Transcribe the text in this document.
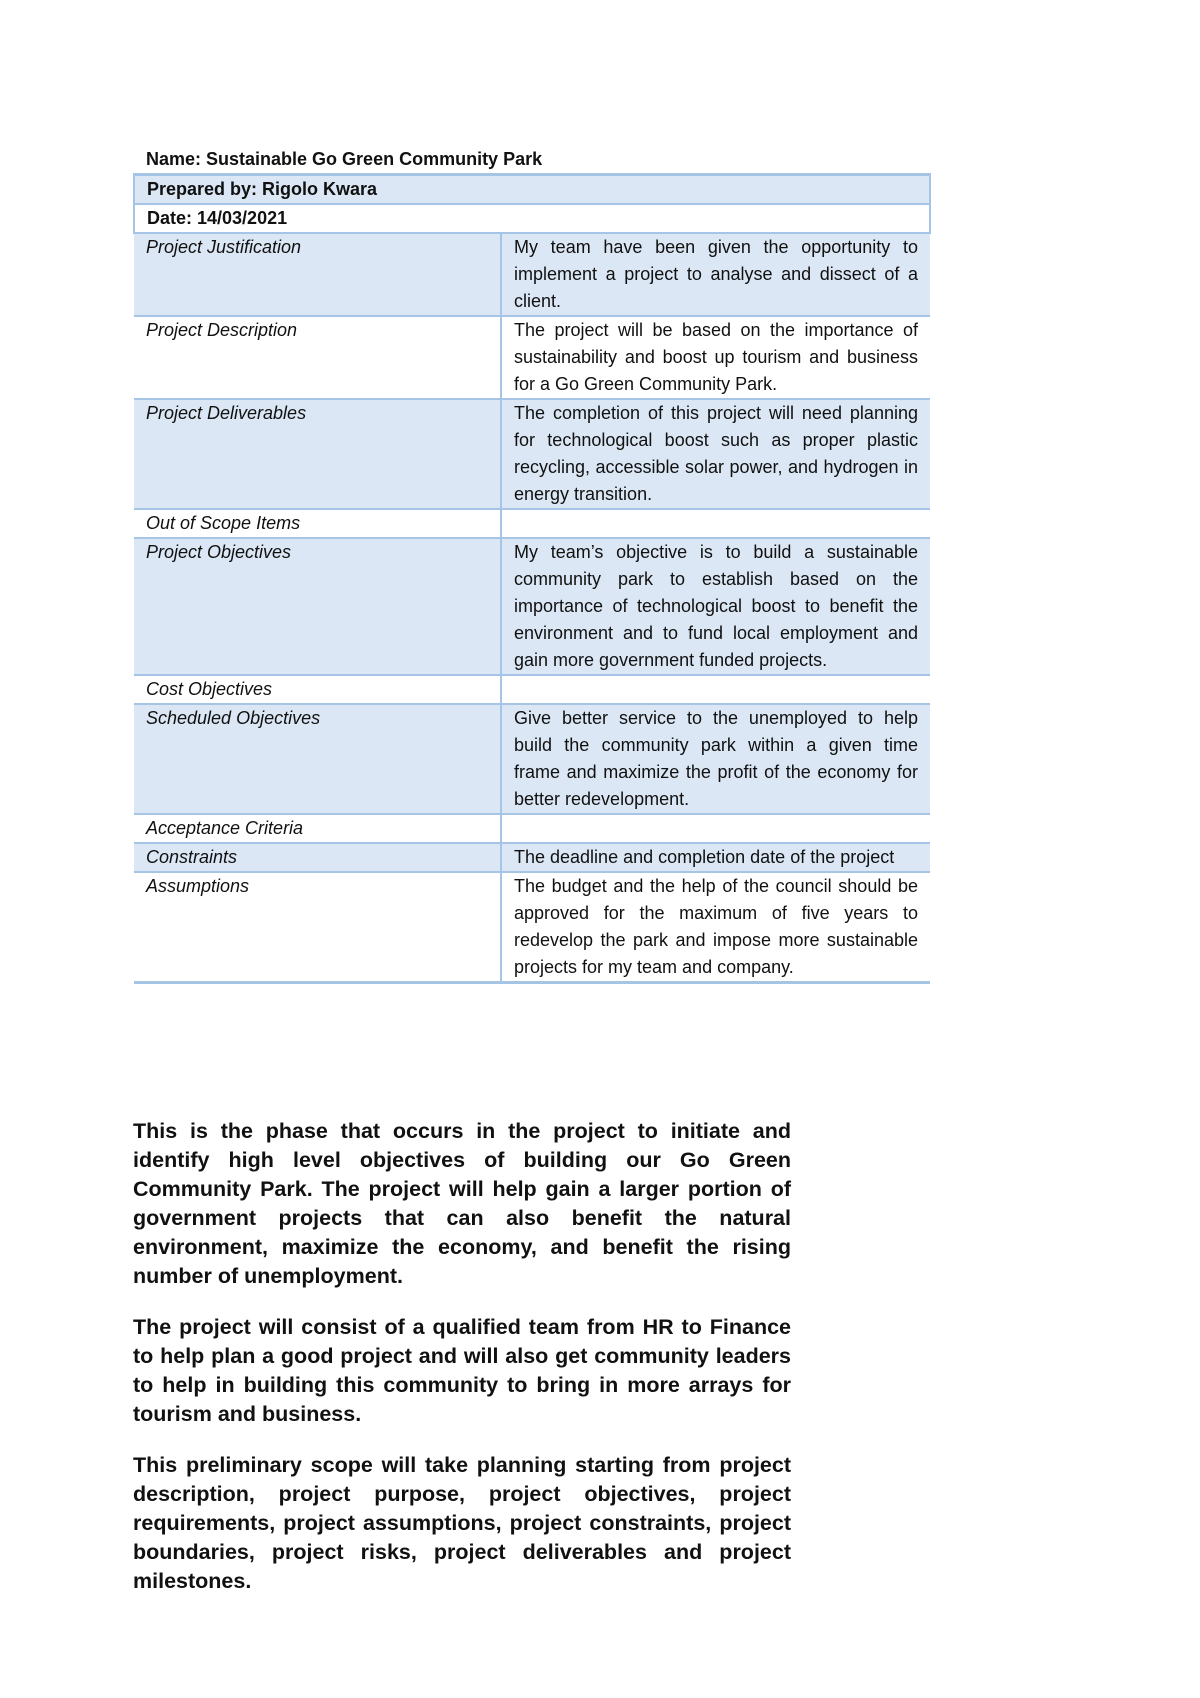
Name: Sustainable Go Green Community Park	
Prepared by: Rigolo Kwara	
Date: 14/03/2021	
Project Justification	My team have been given the opportunity to implement a project to analyse and dissect of a client.
Project Description	The project will be based on the importance of sustainability and boost up tourism and business for a Go Green Community Park.
Project Deliverables	The completion of this project will need planning for technological boost such as proper plastic recycling, accessible solar power, and hydrogen in energy transition.
Out of Scope Items	
Project Objectives	My team’s objective is to build a sustainable community park to establish based on the importance of technological boost to benefit the environment and to fund local employment and gain more government funded projects.
Cost Objectives	
Scheduled Objectives	Give better service to the unemployed to help build the community park within a given time frame and maximize the profit of the economy for better redevelopment.
Acceptance Criteria	
Constraints	The deadline and completion date of the project
Assumptions	The budget and the help of the council should be approved for the maximum of five years to redevelop the park and impose more sustainable projects for my team and company.

This is the phase that occurs in the project to initiate and identify high level objectives of building our Go Green Community Park. The project will help gain a larger portion of government projects that can also benefit the natural environment, maximize the economy, and benefit the rising number of unemployment.

The project will consist of a qualified team from HR to Finance to help plan a good project and will also get community leaders to help in building this community to bring in more arrays for tourism and business.

This preliminary scope will take planning starting from project description, project purpose, project objectives, project requirements, project assumptions, project constraints, project boundaries, project risks, project deliverables and project milestones.
